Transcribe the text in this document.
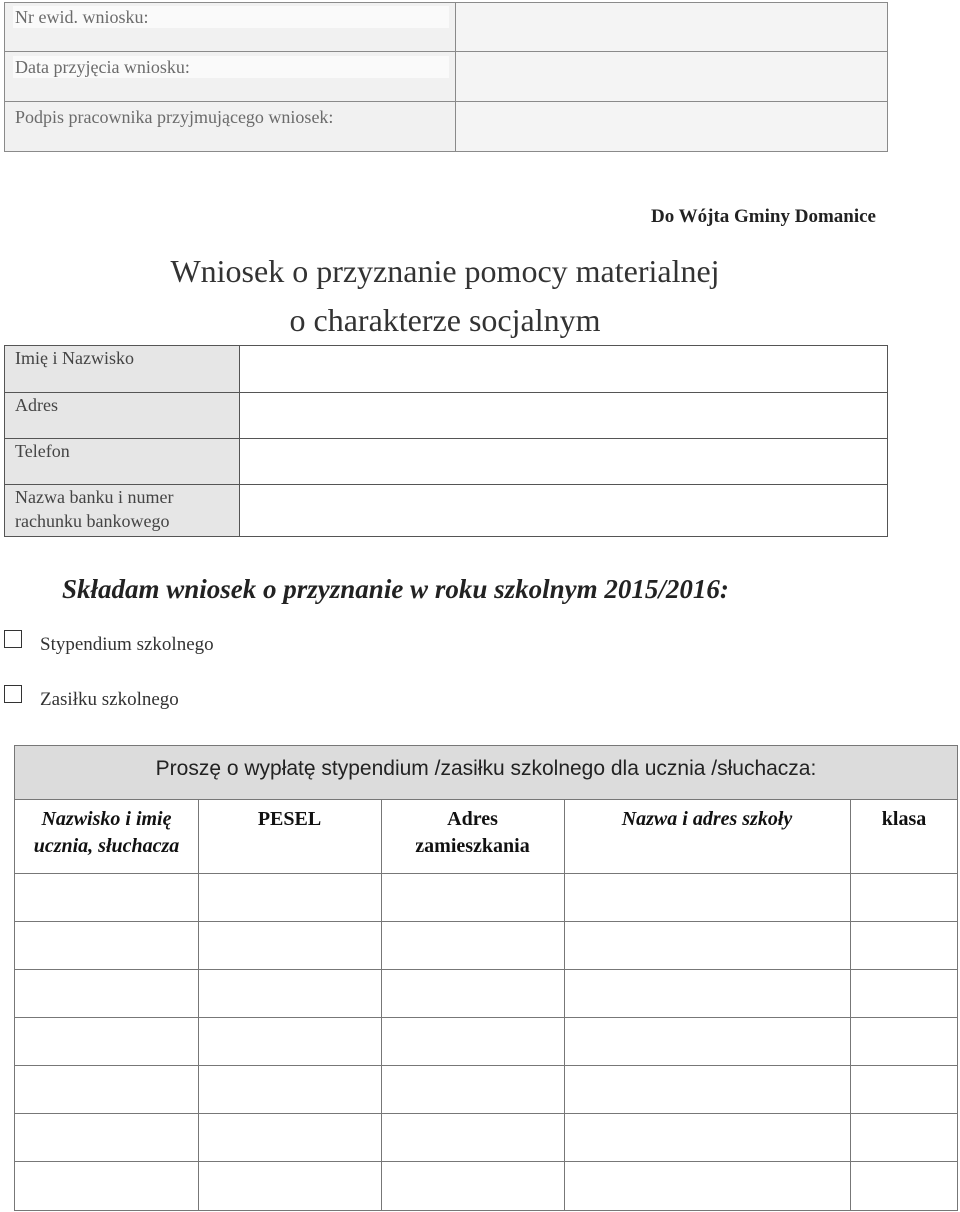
Nr ewid. wniosku:
Data przyjęcia wniosku:
Podpis pracownika przyjmującego wniosek:
Do Wójta Gminy Domanice
Wniosek o przyznanie pomocy materialnej
o charakterze socjalnym
Imię i Nazwisko
Adres
Telefon
Nazwa banku i numer
rachunku bankowego
Składam wniosek o przyznanie w roku szkolnym 2015/2016:
Stypendium szkolnego
Zasiłku szkolnego
Proszę o wypłatę stypendium /zasiłku szkolnego dla ucznia /słuchacza:
Nazwisko i imię
ucznia, słuchacza
PESEL	Adres
zamieszkania
Nazwa i adres szkoły	klasa
